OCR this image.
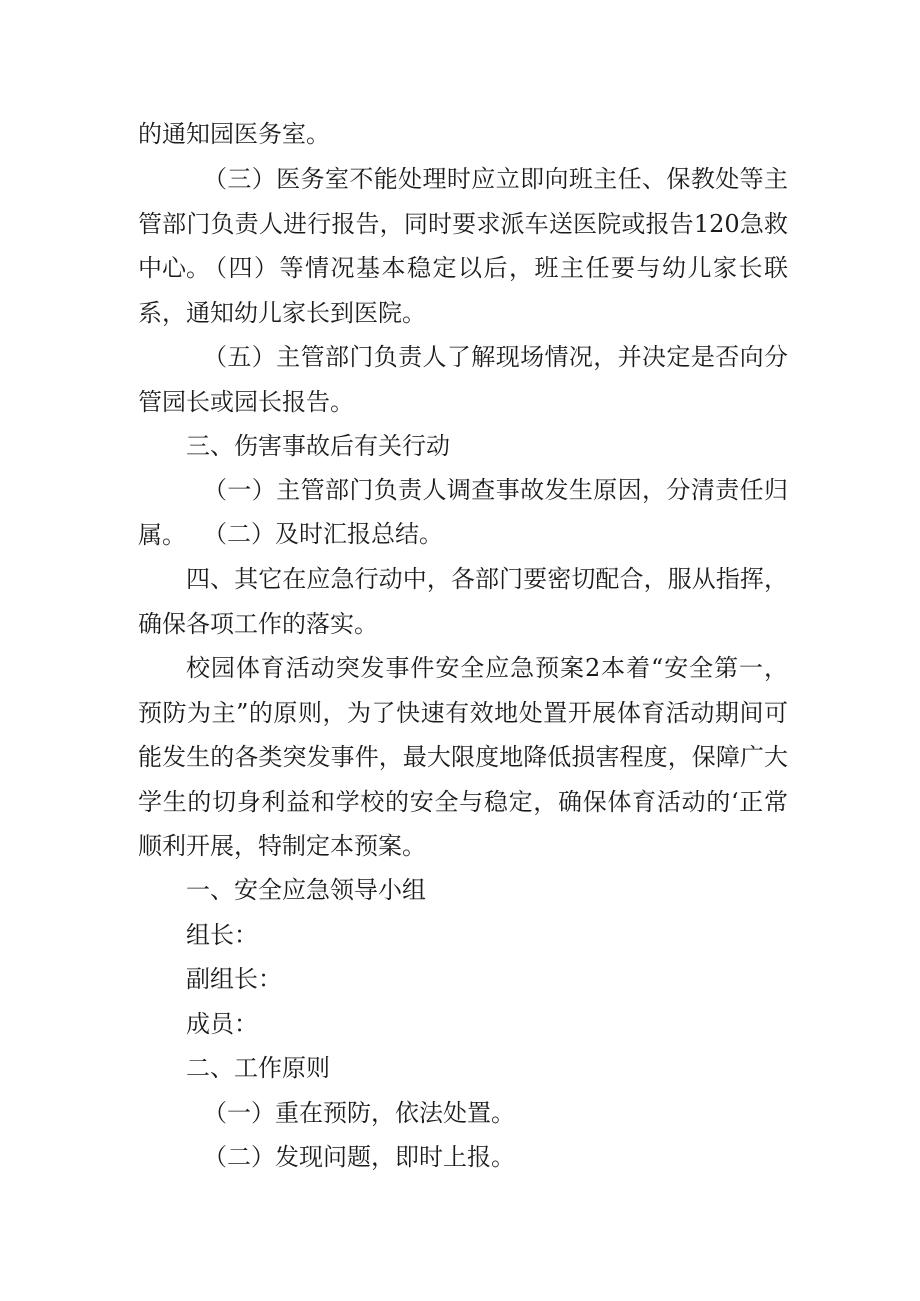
的通知园医务室。

（三）医务室不能处理时应立即向班主任、保教处等主管部门负责人进行报告，同时要求派车送医院或报告120急救中心。

（四）等情况基本稳定以后，班主任要与幼儿家长联系，通知幼儿家长到医院。

（五）主管部门负责人了解现场情况，并决定是否向分管园长或园长报告。

三、伤害事故后有关行动

（一）主管部门负责人调查事故发生原因，分清责任归属。 （二）及时汇报总结。

四、其它在应急行动中，各部门要密切配合，服从指挥，确保各项工作的落实。

校园体育活动突发事件安全应急预案2本着“安全第一，预防为主”的原则，为了快速有效地处置开展体育活动期间可能发生的各类突发事件，最大限度地降低损害程度，保障广大学生的切身利益和学校的安全与稳定，确保体育活动的‘正常顺利开展，特制定本预案。

一、安全应急领导小组

组长：

副组长：

成员：

二、工作原则

（一）重在预防，依法处置。

（二）发现问题，即时上报。
